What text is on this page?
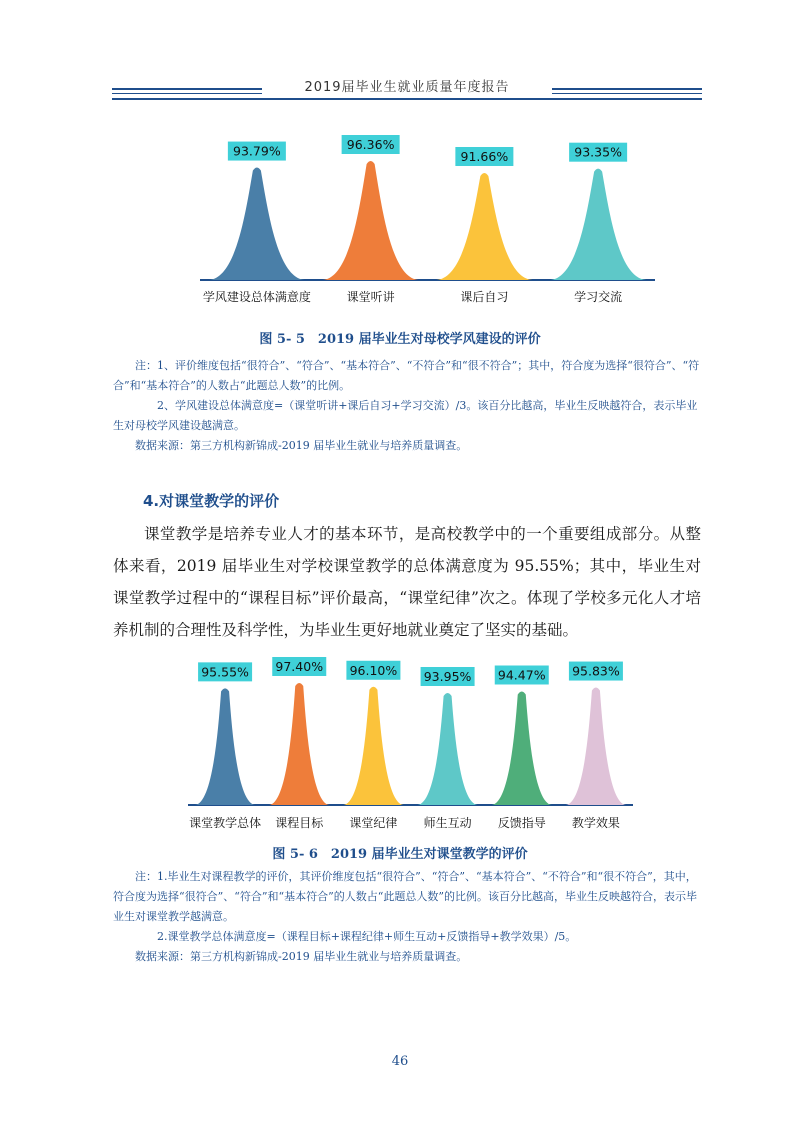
2019届毕业生就业质量年度报告
93.79%
学风建设总体满意度
96.36%
课堂听讲
91.66%
课后自习
93.35%
学习交流
图 5- 5　2019 届毕业生对母校学风建设的评价

注：1、评价维度包括“很符合”、“符合”、“基本符合”、“不符合”和“很不符合”；其中，符合度为选择“很符合”、“符合”和“基本符合”的人数占“此题总人数”的比例。

2、学风建设总体满意度=（课堂听讲+课后自习+学习交流）/3。该百分比越高，毕业生反映越符合，表示毕业生对母校学风建设越满意。

数据来源：第三方机构新锦成-2019 届毕业生就业与培养质量调查。

4.对课堂教学的评价
课堂教学是培养专业人才的基本环节，是高校教学中的一个重要组成部分。从整体来看，2019 届毕业生对学校课堂教学的总体满意度为 95.55%；其中，毕业生对课堂教学过程中的“课程目标”评价最高，“课堂纪律”次之。体现了学校多元化人才培养机制的合理性及科学性，为毕业生更好地就业奠定了坚实的基础。
95.55%
课堂教学总体
97.40%
课程目标
96.10%
课堂纪律
93.95%
师生互动
94.47%
反馈指导
95.83%
教学效果
图 5- 6　2019 届毕业生对课堂教学的评价

注：1.毕业生对课程教学的评价，其评价维度包括“很符合”、“符合”、“基本符合”、“不符合”和“很不符合”，其中，符合度为选择“很符合”、“符合”和“基本符合”的人数占“此题总人数”的比例。该百分比越高，毕业生反映越符合，表示毕业生对课堂教学越满意。

2.课堂教学总体满意度=（课程目标+课程纪律+师生互动+反馈指导+教学效果）/5。

数据来源：第三方机构新锦成-2019 届毕业生就业与培养质量调查。

46
